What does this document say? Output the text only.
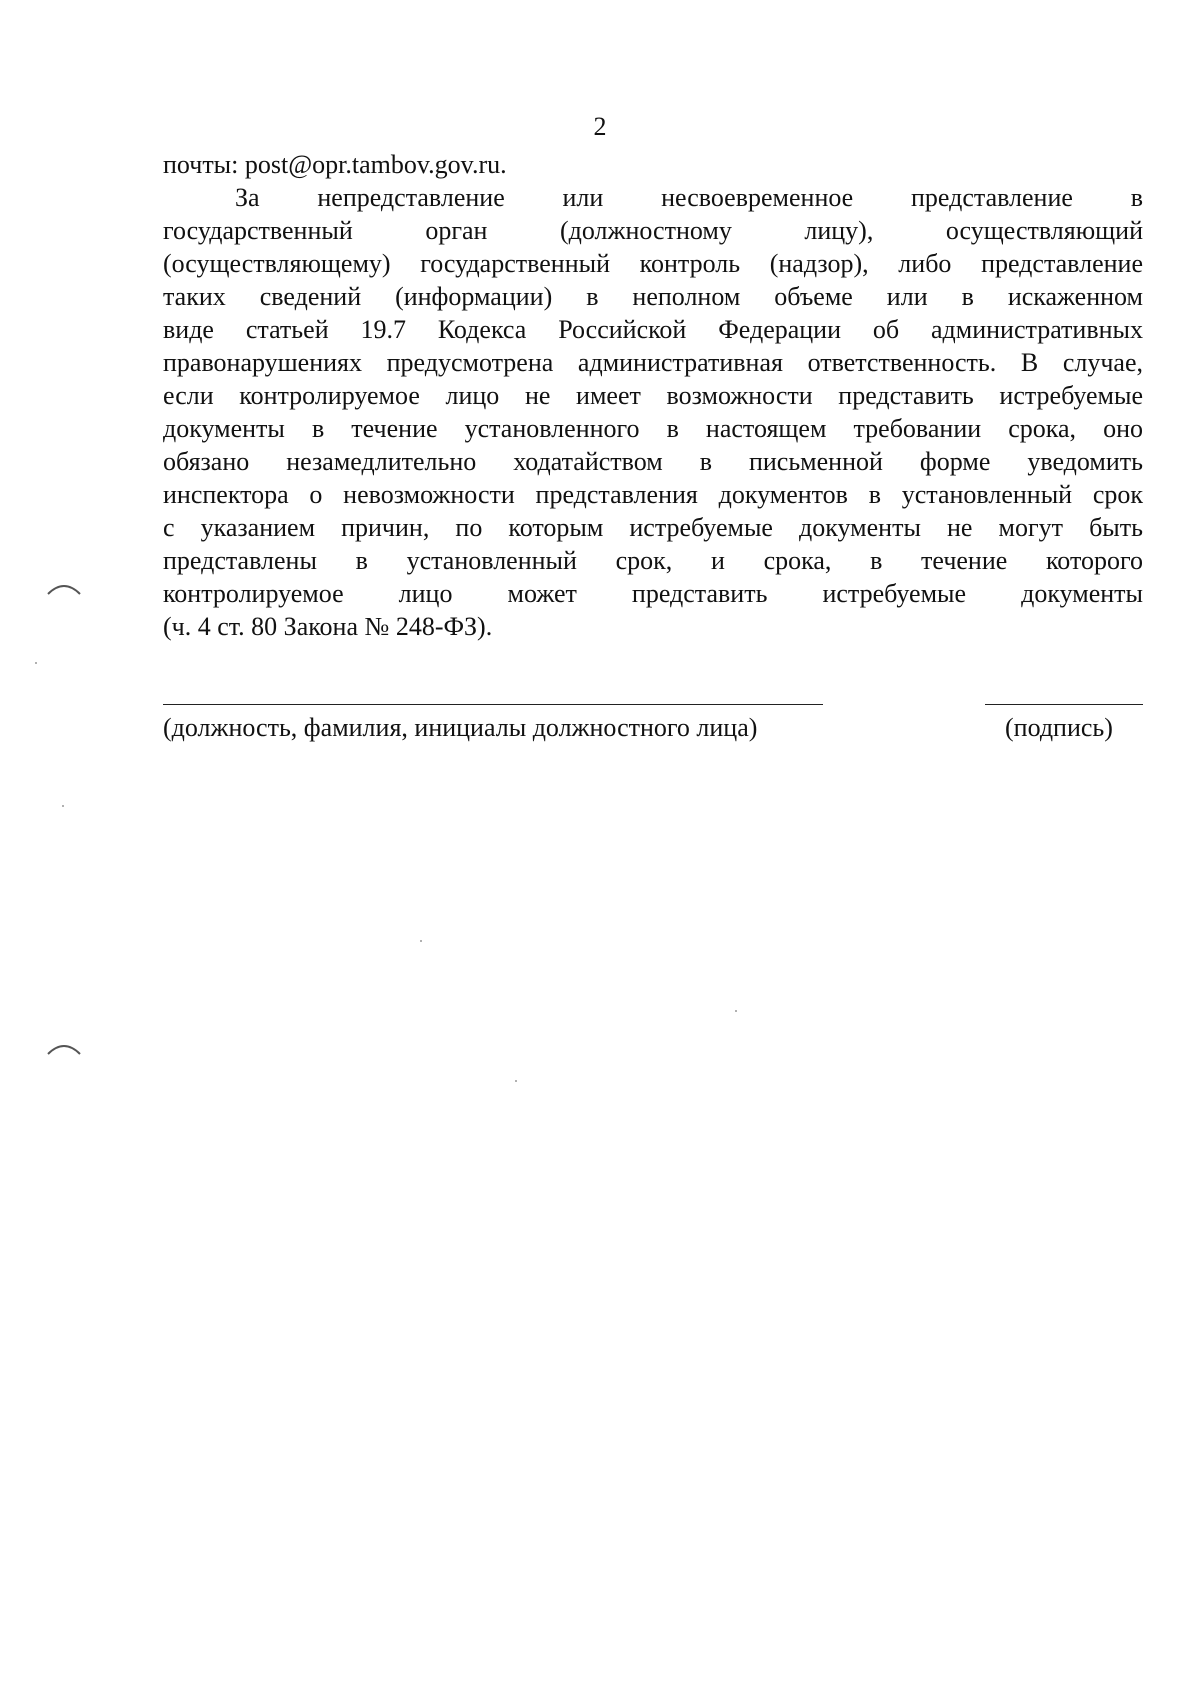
2

почты: post@opr.tambov.gov.ru.

За непредставление или несвоевременное представление в
государственный орган (должностному лицу), осуществляющий
(осуществляющему) государственный контроль (надзор), либо представление
таких сведений (информации) в неполном объеме или в искаженном
виде статьей 19.7 Кодекса Российской Федерации об административных
правонарушениях предусмотрена административная ответственность. В случае,
если контролируемое лицо не имеет возможности представить истребуемые
документы в течение установленного в настоящем требовании срока, оно
обязано незамедлительно ходатайством в письменной форме уведомить
инспектора о невозможности представления документов в установленный срок
с указанием причин, по которым истребуемые документы не могут быть
представлены в установленный срок, и срока, в течение которого
контролируемое лицо может представить истребуемые документы
(ч. 4 ст. 80 Закона № 248-ФЗ).

(должность, фамилия, инициалы должностного лица)	(подпись)
